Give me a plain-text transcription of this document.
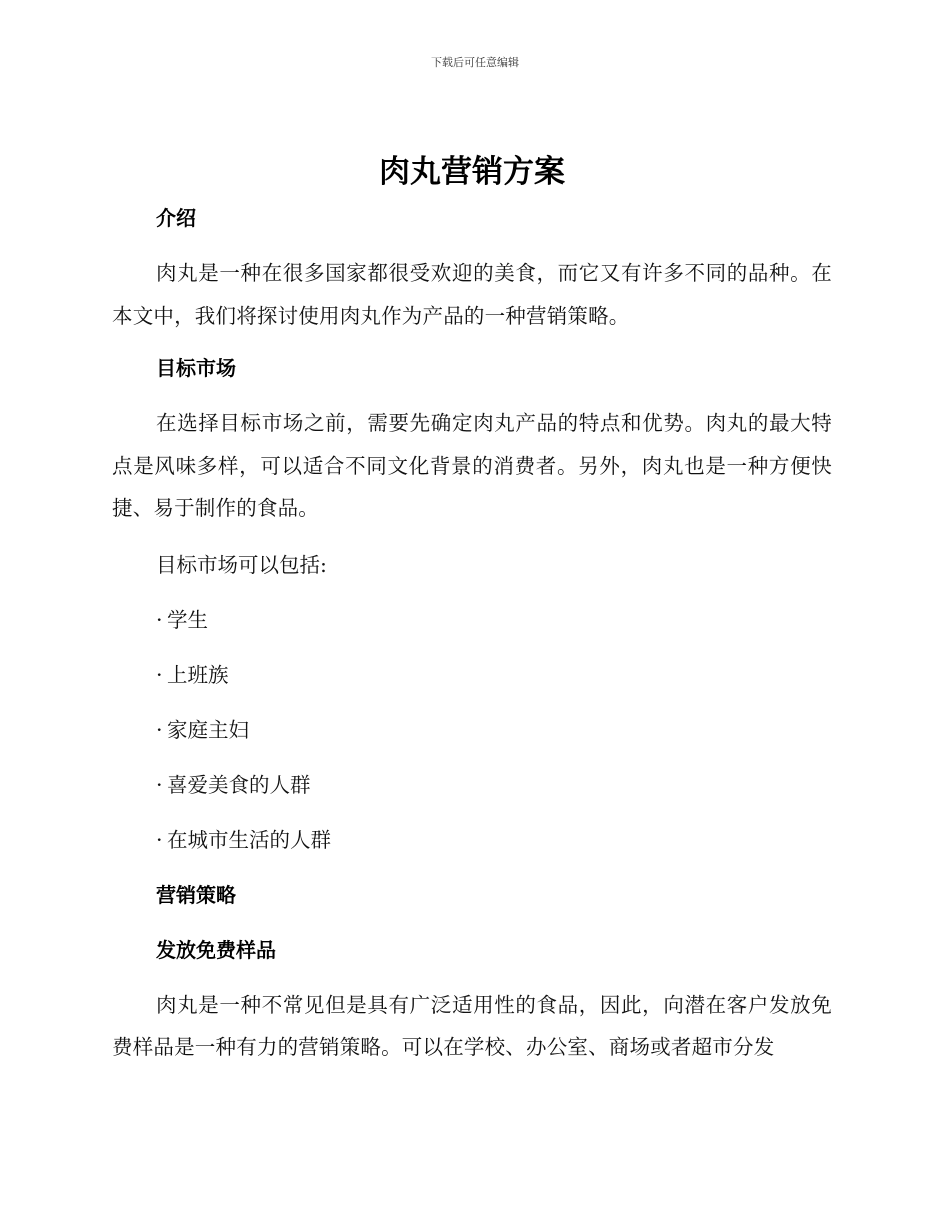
下载后可任意编辑
肉丸营销方案
介绍

肉丸是一种在很多国家都很受欢迎的美食，而它又有许多不同的品种。在本文中，我们将探讨使用肉丸作为产品的一种营销策略。

目标市场

在选择目标市场之前，需要先确定肉丸产品的特点和优势。肉丸的最大特点是风味多样，可以适合不同文化背景的消费者。另外，肉丸也是一种方便快捷、易于制作的食品。

目标市场可以包括:

· 学生

· 上班族

· 家庭主妇

· 喜爱美食的人群

· 在城市生活的人群

营销策略
发放免费样品

肉丸是一种不常见但是具有广泛适用性的食品，因此，向潜在客户发放免费样品是一种有力的营销策略。可以在学校、办公室、商场或者超市分发
